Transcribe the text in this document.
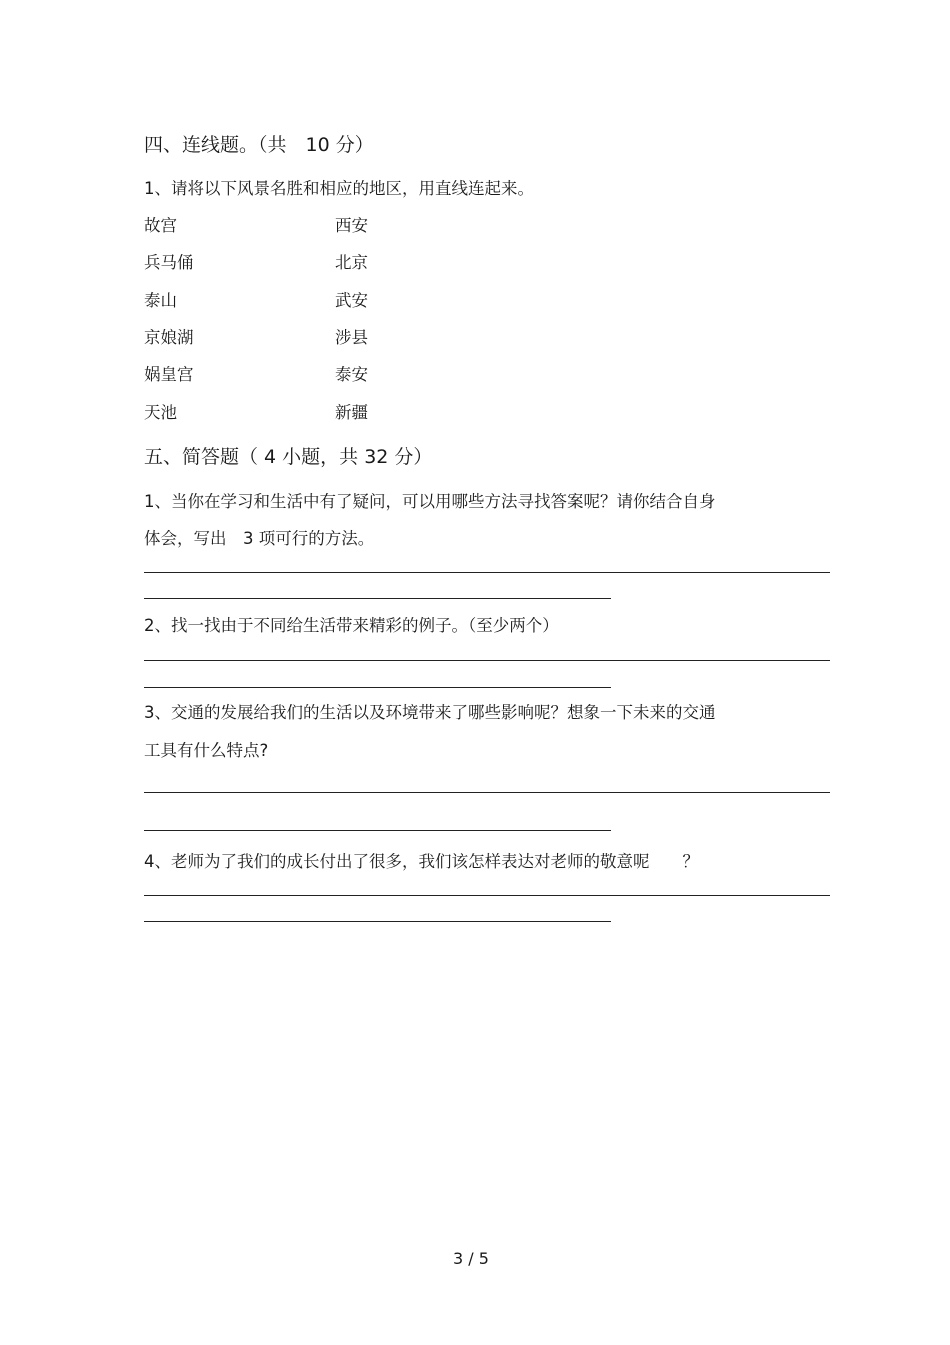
四、连线题。（共　10 分）
1、请将以下风景名胜和相应的地区，用直线连起来。
故宫
兵马俑
泰山
京娘湖
娲皇宫
天池
西安
北京
武安
涉县
泰安
新疆
五、简答题（ 4 小题，共 32 分）
1、当你在学习和生活中有了疑问，可以用哪些方法寻找答案呢？请你结合自身
体会，写出　3 项可行的方法。
2、找一找由于不同给生活带来精彩的例子。（至少两个）
3、交通的发展给我们的生活以及环境带来了哪些影响呢？想象一下未来的交通
工具有什么特点?
4、老师为了我们的成长付出了很多，我们该怎样表达对老师的敬意呢　　？
3 / 5
